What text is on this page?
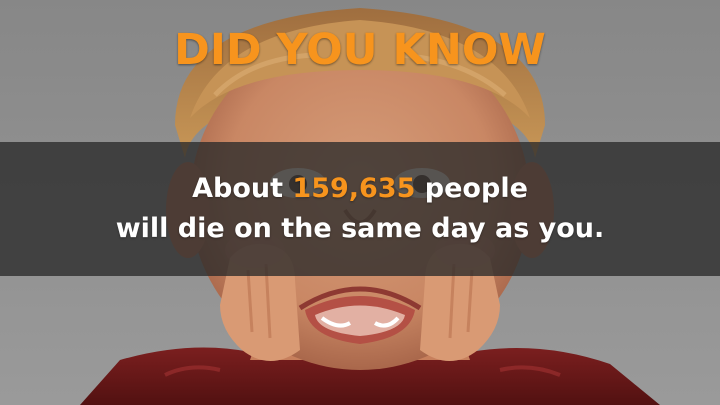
DID YOU KNOW
About 159,635 people
will die on the same day as you.
